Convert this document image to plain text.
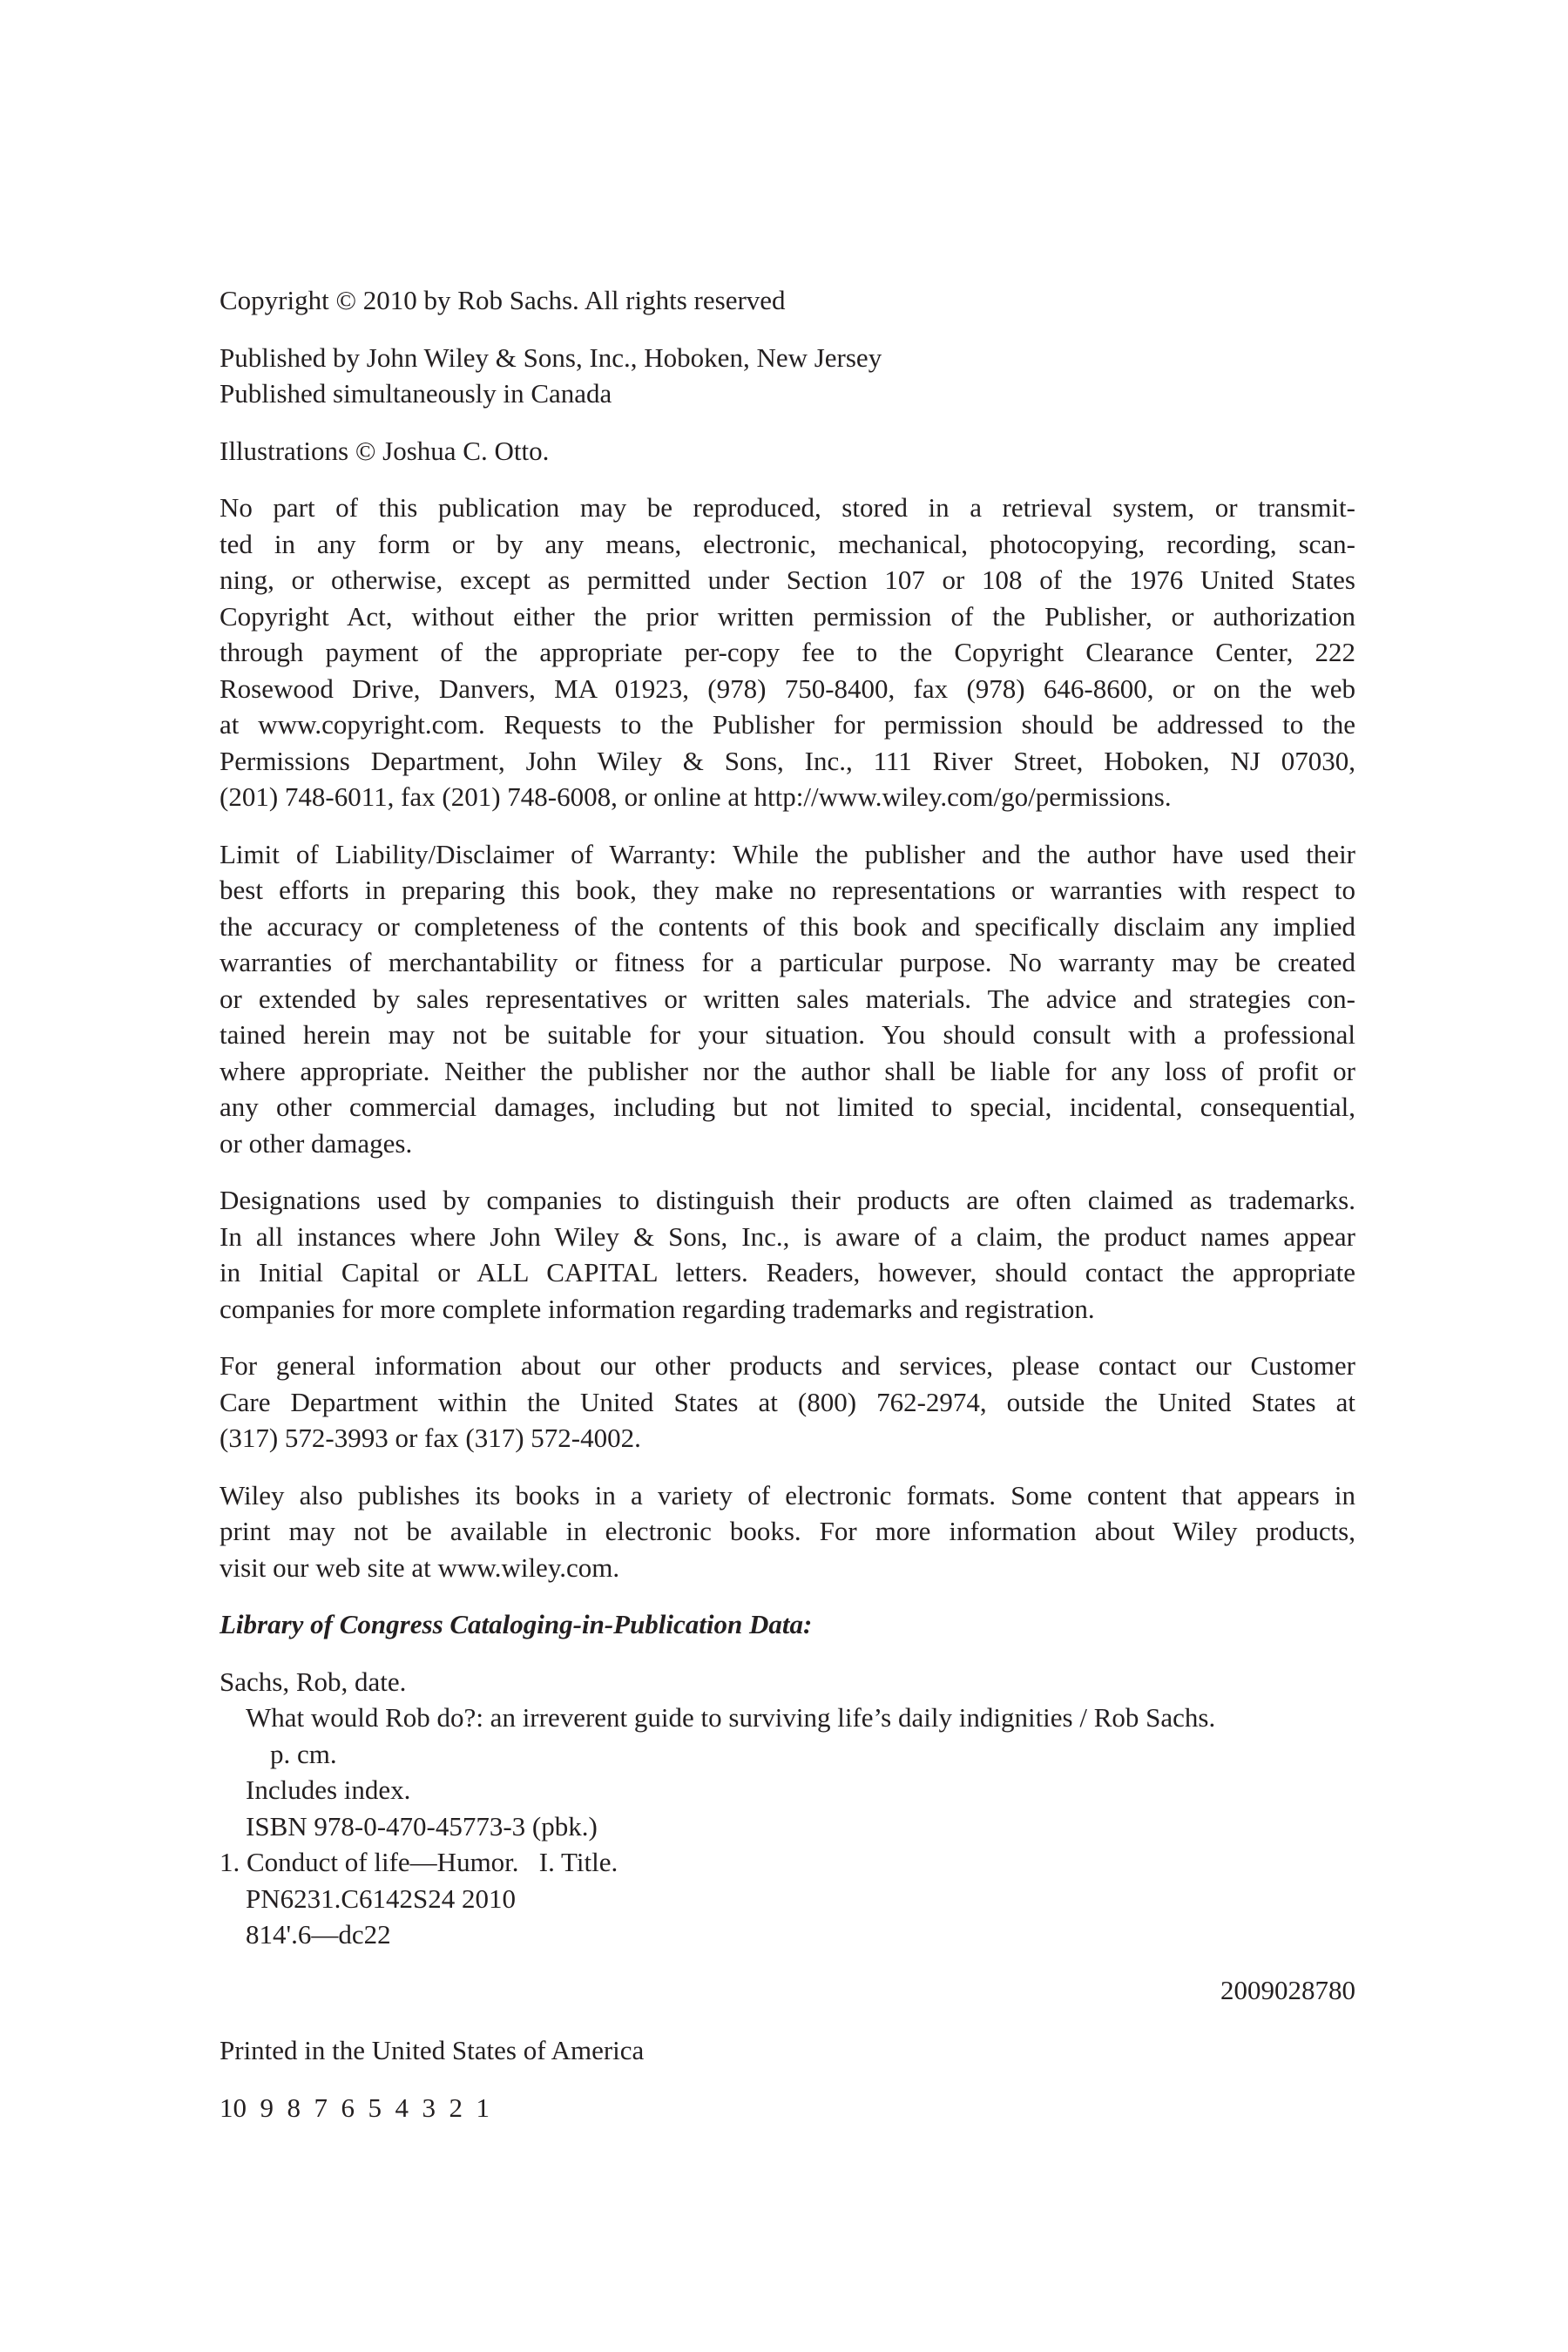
Copyright © 2010 by Rob Sachs. All rights reserved
Published by John Wiley & Sons, Inc., Hoboken, New Jersey
Published simultaneously in Canada
Illustrations © Joshua C. Otto.
No part of this publication may be reproduced, stored in a retrieval system, or transmit-
ted in any form or by any means, electronic, mechanical, photocopying, recording, scan-
ning, or otherwise, except as permitted under Section 107 or 108 of the 1976 United States
Copyright Act, without either the prior written permission of the Publisher, or authorization
through payment of the appropriate per-copy fee to the Copyright Clearance Center, 222
Rosewood Drive, Danvers, MA 01923, (978) 750-8400, fax (978) 646-8600, or on the web
at www.copyright.com. Requests to the Publisher for permission should be addressed to the
Permissions Department, John Wiley & Sons, Inc., 111 River Street, Hoboken, NJ 07030,
(201) 748-6011, fax (201) 748-6008, or online at http://www.wiley.com/go/permissions.
Limit of Liability/Disclaimer of Warranty: While the publisher and the author have used their
best efforts in preparing this book, they make no representations or warranties with respect to
the accuracy or completeness of the contents of this book and specifically disclaim any implied
warranties of merchantability or fitness for a particular purpose. No warranty may be created
or extended by sales representatives or written sales materials. The advice and strategies con-
tained herein may not be suitable for your situation. You should consult with a professional
where appropriate. Neither the publisher nor the author shall be liable for any loss of profit or
any other commercial damages, including but not limited to special, incidental, consequential,
or other damages.
Designations used by companies to distinguish their products are often claimed as trademarks.
In all instances where John Wiley & Sons, Inc., is aware of a claim, the product names appear
in Initial Capital or ALL CAPITAL letters. Readers, however, should contact the appropriate
companies for more complete information regarding trademarks and registration.
For general information about our other products and services, please contact our Customer
Care Department within the United States at (800) 762-2974, outside the United States at
(317) 572-3993 or fax (317) 572-4002.
Wiley also publishes its books in a variety of electronic formats. Some content that appears in
print may not be available in electronic books. For more information about Wiley products,
visit our web site at www.wiley.com.
Library of Congress Cataloging-in-Publication Data:
Sachs, Rob, date.
What would Rob do?: an irreverent guide to surviving life’s daily indignities / Rob Sachs.
p. cm.
Includes index.
ISBN 978-0-470-45773-3 (pbk.)
1. Conduct of life—Humor.   I. Title.
PN6231.C6142S24 2010
814'.6—dc22
2009028780
Printed in the United States of America
10  9  8  7  6  5  4  3  2  1
